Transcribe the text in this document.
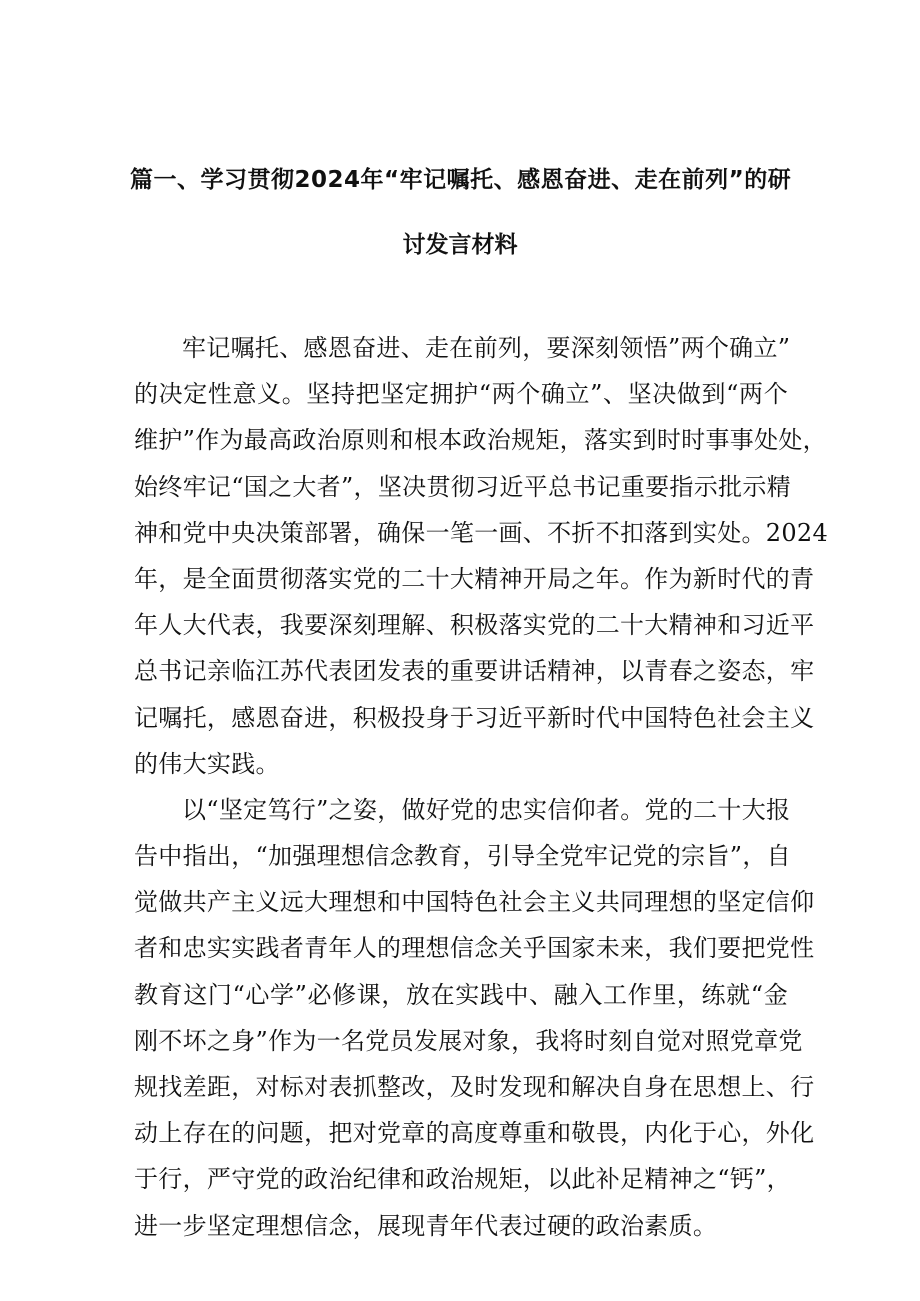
篇一、学习贯彻2024年“牢记嘱托、感恩奋进、走在前列”的研
讨发言材料
牢记嘱托、感恩奋进、走在前列，要深刻领悟”两个确立”
的决定性意义。坚持把坚定拥护“两个确立”、坚决做到“两个
维护”作为最高政治原则和根本政治规矩，落实到时时事事处处，
始终牢记“国之大者”，坚决贯彻习近平总书记重要指示批示精
神和党中央决策部署，确保一笔一画、不折不扣落到实处。2024
年，是全面贯彻落实党的二十大精神开局之年。作为新时代的青
年人大代表，我要深刻理解、积极落实党的二十大精神和习近平
总书记亲临江苏代表团发表的重要讲话精神，以青春之姿态，牢
记嘱托，感恩奋进，积极投身于习近平新时代中国特色社会主义
的伟大实践。
以“坚定笃行”之姿，做好党的忠实信仰者。党的二十大报
告中指出，“加强理想信念教育，引导全党牢记党的宗旨”，自
觉做共产主义远大理想和中国特色社会主义共同理想的坚定信仰
者和忠实实践者青年人的理想信念关乎国家未来，我们要把党性
教育这门“心学”必修课，放在实践中、融入工作里，练就“金
刚不坏之身”作为一名党员发展对象，我将时刻自觉对照党章党
规找差距，对标对表抓整改，及时发现和解决自身在思想上、行
动上存在的问题，把对党章的高度尊重和敬畏，内化于心，外化
于行，严守党的政治纪律和政治规矩，以此补足精神之“钙”，
进一步坚定理想信念，展现青年代表过硬的政治素质。
